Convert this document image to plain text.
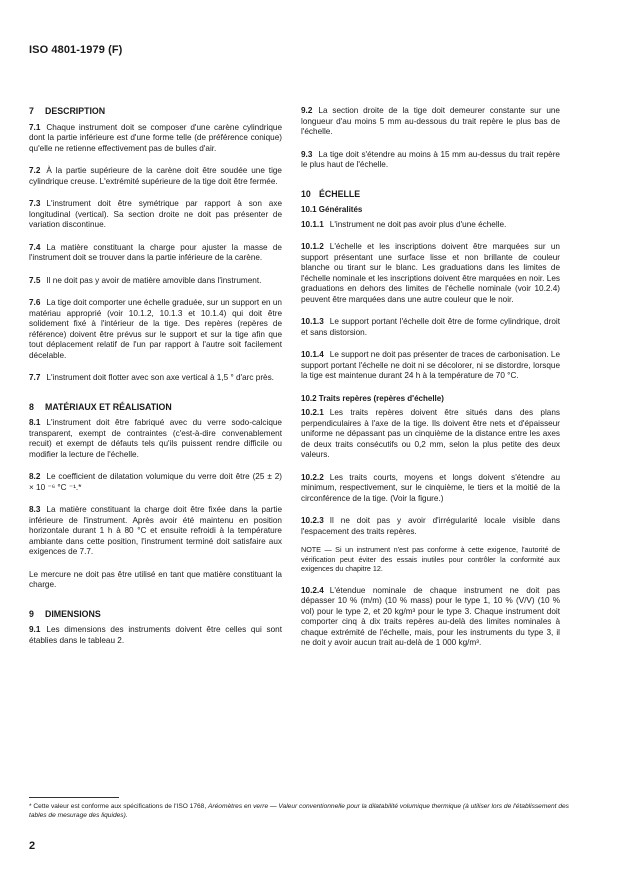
ISO 4801-1979 (F)
7 DESCRIPTION

7.1 Chaque instrument doit se composer d'une carène cylindrique dont la partie inférieure est d'une forme telle (de préférence conique) qu'elle ne retienne effectivement pas de bulles d'air.

7.2 À la partie supérieure de la carène doit être soudée une tige cylindrique creuse. L'extrémité supérieure de la tige doit être fermée.

7.3 L'instrument doit être symétrique par rapport à son axe longitudinal (vertical). Sa section droite ne doit pas présenter de variation discontinue.

7.4 La matière constituant la charge pour ajuster la masse de l'instrument doit se trouver dans la partie inférieure de la carène.

7.5 Il ne doit pas y avoir de matière amovible dans l'instrument.

7.6 La tige doit comporter une échelle graduée, sur un support en un matériau approprié (voir 10.1.2, 10.1.3 et 10.1.4) qui doit être solidement fixé à l'intérieur de la tige. Des repères (repères de référence) doivent être prévus sur le support et sur la tige afin que tout déplacement relatif de l'un par rapport à l'autre soit facilement décelable.

7.7 L'instrument doit flotter avec son axe vertical à 1,5 ° d'arc près.

8 MATÉRIAUX ET RÉALISATION

8.1 L'instrument doit être fabriqué avec du verre sodo-calcique transparent, exempt de contraintes (c'est-à-dire convenablement recuit) et exempt de défauts tels qu'ils puissent rendre difficile ou modifier la lecture de l'échelle.

8.2 Le coefficient de dilatation volumique du verre doit être (25 ± 2) × 10 ⁻⁶ °C ⁻¹.*

8.3 La matière constituant la charge doit être fixée dans la partie inférieure de l'instrument. Après avoir été maintenu en position horizontale durant 1 h à 80 °C et ensuite refroidi à la température ambiante dans cette position, l'instrument terminé doit satisfaire aux exigences de 7.7.

Le mercure ne doit pas être utilisé en tant que matière constituant la charge.

9 DIMENSIONS

9.1 Les dimensions des instruments doivent être celles qui sont établies dans le tableau 2.

9.2 La section droite de la tige doit demeurer constante sur une longueur d'au moins 5 mm au-dessous du trait repère le plus bas de l'échelle.

9.3 La tige doit s'étendre au moins à 15 mm au-dessus du trait repère le plus haut de l'échelle.

10 ÉCHELLE
10.1 Généralités

10.1.1 L'instrument ne doit pas avoir plus d'une échelle.

10.1.2 L'échelle et les inscriptions doivent être marquées sur un support présentant une surface lisse et non brillante de couleur blanche ou tirant sur le blanc. Les graduations dans les limites de l'échelle nominale et les inscriptions doivent être marquées en noir. Les graduations en dehors des limites de l'échelle nominale (voir 10.2.4) peuvent être marquées dans une autre couleur que le noir.

10.1.3 Le support portant l'échelle doit être de forme cylindrique, droit et sans distorsion.

10.1.4 Le support ne doit pas présenter de traces de carbonisation. Le support portant l'échelle ne doit ni se décolorer, ni se distordre, lorsque la tige est maintenue durant 24 h à la température de 70 °C.

10.2 Traits repères (repères d'échelle)

10.2.1 Les traits repères doivent être situés dans des plans perpendiculaires à l'axe de la tige. Ils doivent être nets et d'épaisseur uniforme ne dépassant pas un cinquième de la distance entre les axes de deux traits consécutifs ou 0,2 mm, selon la plus petite des deux valeurs.

10.2.2 Les traits courts, moyens et longs doivent s'étendre au minimum, respectivement, sur le cinquième, le tiers et la moitié de la circonférence de la tige. (Voir la figure.)

10.2.3 Il ne doit pas y avoir d'irrégularité locale visible dans l'espacement des traits repères.

NOTE — Si un instrument n'est pas conforme à cette exigence, l'autorité de vérification peut éviter des essais inutiles pour contrôler la conformité aux exigences du chapitre 12.

10.2.4 L'étendue nominale de chaque instrument ne doit pas dépasser 10 % (m/m) (10 % mass) pour le type 1, 10 % (V/V) (10 % vol) pour le type 2, et 20 kg/m³ pour le type 3. Chaque instrument doit comporter cinq à dix traits repères au-delà des limites nominales à chaque extrémité de l'échelle, mais, pour les instruments du type 3, il ne doit y avoir aucun trait au-delà de 1 000 kg/m³.

* Cette valeur est conforme aux spécifications de l'ISO 1768, Aréomètres en verre — Valeur conventionnelle pour la dilatabilité volumique thermique (à utiliser lors de l'établissement des tables de mesurage des liquides).
2
